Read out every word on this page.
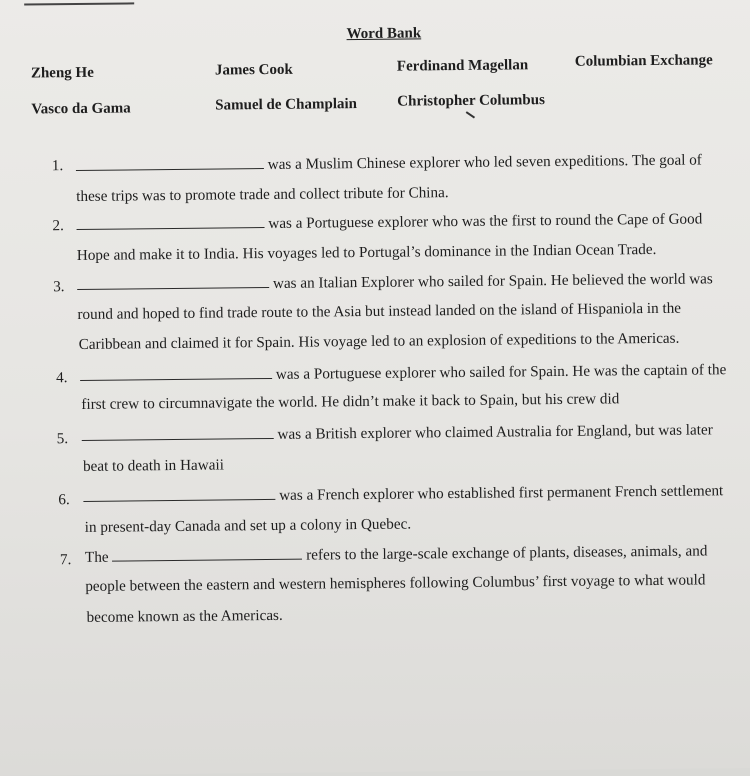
Word Bank
Zheng He	James Cook	Ferdinand Magellan	Columbian Exchange
Vasco da Gama	Samuel de Champlain	Christopher Columbus
1.	was a Muslim Chinese explorer who led seven expeditions. The goal of
these trips was to promote trade and collect tribute for China.
2.	was a Portuguese explorer who was the first to round the Cape of Good
Hope and make it to India. His voyages led to Portugal’s dominance in the Indian Ocean Trade.
3.	was an Italian Explorer who sailed for Spain. He believed the world was
round and hoped to find trade route to the Asia but instead landed on the island of Hispaniola in the
Caribbean and claimed it for Spain. His voyage led to an explosion of expeditions to the Americas.
4.	was a Portuguese explorer who sailed for Spain. He was the captain of the
first crew to circumnavigate the world. He didn’t make it back to Spain, but his crew did
5.	was a British explorer who claimed Australia for England, but was later
beat to death in Hawaii
6.	was a French explorer who established first permanent French settlement
in present-day Canada and set up a colony in Quebec.
7. The	refers to the large-scale exchange of plants, diseases, animals, and
people between the eastern and western hemispheres following Columbus’ first voyage to what would
become known as the Americas.
